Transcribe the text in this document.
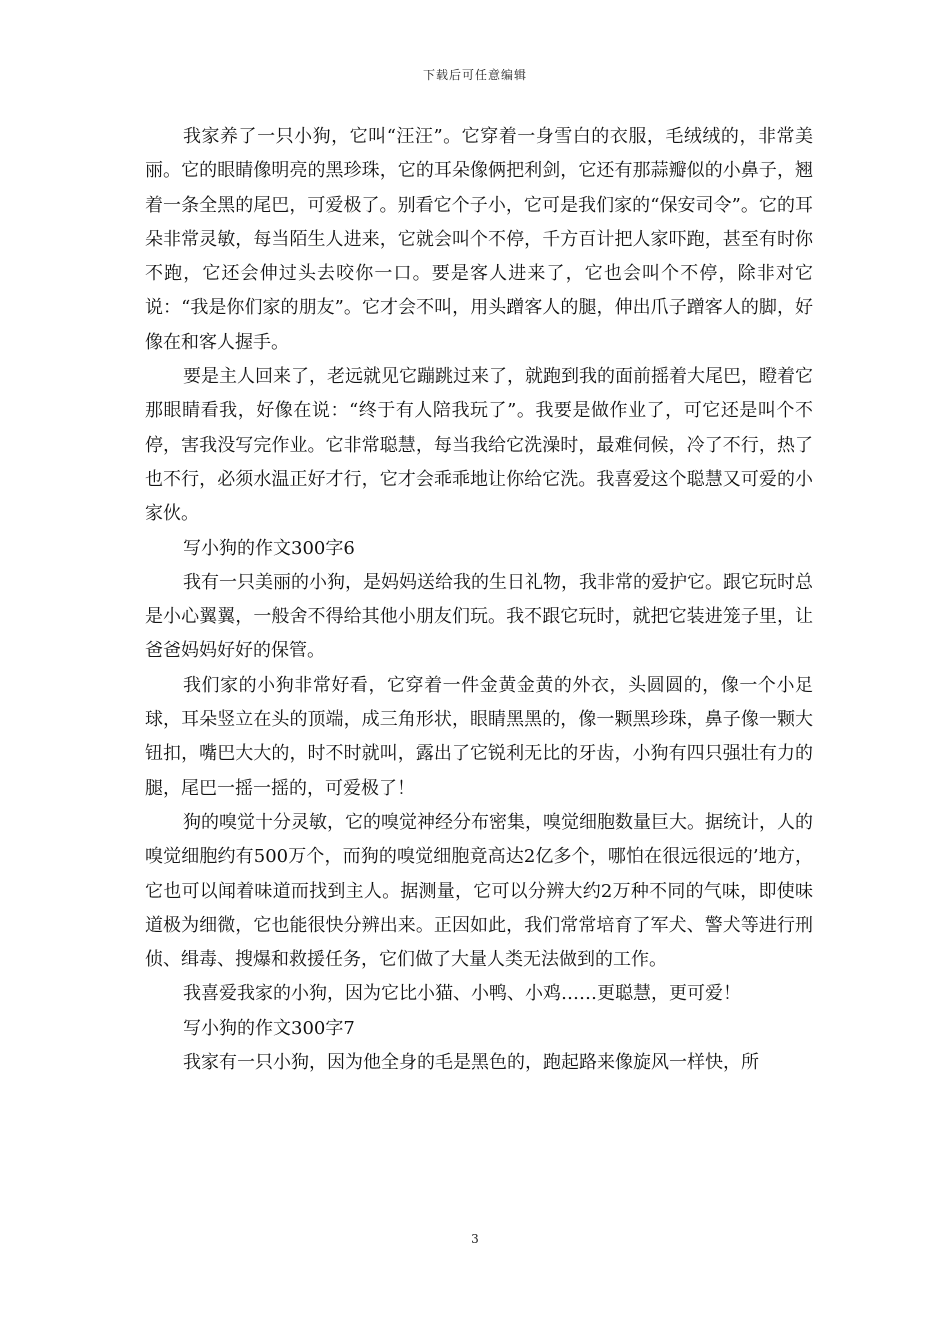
下载后可任意编辑

我家养了一只小狗，它叫“汪汪”。它穿着一身雪白的衣服，毛绒绒的，非常美丽。它的眼睛像明亮的黑珍珠，它的耳朵像俩把利剑，它还有那蒜瓣似的小鼻子，翘着一条全黑的尾巴，可爱极了。别看它个子小，它可是我们家的“保安司令”。它的耳朵非常灵敏，每当陌生人进来，它就会叫个不停，千方百计把人家吓跑，甚至有时你不跑，它还会伸过头去咬你一口。要是客人进来了，它也会叫个不停，除非对它说：“我是你们家的朋友”。它才会不叫，用头蹭客人的腿，伸出爪子蹭客人的脚，好像在和客人握手。

要是主人回来了，老远就见它蹦跳过来了，就跑到我的面前摇着大尾巴，瞪着它那眼睛看我，好像在说：“终于有人陪我玩了”。我要是做作业了，可它还是叫个不停，害我没写完作业。它非常聪慧，每当我给它洗澡时，最难伺候，冷了不行，热了也不行，必须水温正好才行，它才会乖乖地让你给它洗。我喜爱这个聪慧又可爱的小家伙。

写小狗的作文300字6

我有一只美丽的小狗，是妈妈送给我的生日礼物，我非常的爱护它。跟它玩时总是小心翼翼，一般舍不得给其他小朋友们玩。我不跟它玩时，就把它装进笼子里，让爸爸妈妈好好的保管。

我们家的小狗非常好看，它穿着一件金黄金黄的外衣，头圆圆的，像一个小足球，耳朵竖立在头的顶端，成三角形状，眼睛黑黑的，像一颗黑珍珠，鼻子像一颗大钮扣，嘴巴大大的，时不时就叫，露出了它锐利无比的牙齿，小狗有四只强壮有力的腿，尾巴一摇一摇的，可爱极了！

狗的嗅觉十分灵敏，它的嗅觉神经分布密集，嗅觉细胞数量巨大。据统计，人的嗅觉细胞约有500万个，而狗的嗅觉细胞竟高达2亿多个，哪怕在很远很远的’地方，它也可以闻着味道而找到主人。据测量，它可以分辨大约2万种不同的气味，即使味道极为细微，它也能很快分辨出来。正因如此，我们常常培育了军犬、警犬等进行刑侦、缉毒、搜爆和救援任务，它们做了大量人类无法做到的工作。

我喜爱我家的小狗，因为它比小猫、小鸭、小鸡……更聪慧，更可爱！

写小狗的作文300字7

我家有一只小狗，因为他全身的毛是黑色的，跑起路来像旋风一样快，所

3
